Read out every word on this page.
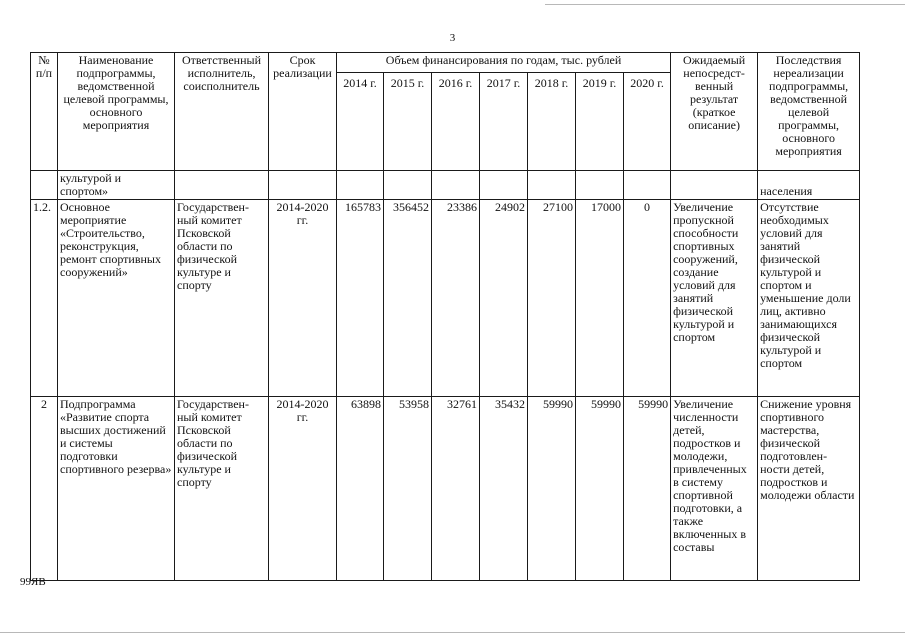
3
№ п/п	Наименование подпрограммы, ведомственной целевой программы, основного мероприятия	Ответственный исполнитель, соисполнитель	Срок реализации	Объем финансирования по годам, тыс. рублей							Ожидаемый непосредст- венный результат (краткое описание)	Последствия нереализации подпрограммы, ведомственной целевой программы, основного мероприятия
				2014 г.	2015 г.	2016 г.	2017 г.	2018 г.	2019 г.	2020 г.		
	культурой и спортом»											населения
1.2.	Основное мероприятие «Строительство, реконструкция, ремонт спортивных сооружений»	Государствен- ный комитет Псковской области по физической культуре и спорту	2014-2020 гг.	165783	356452	23386	24902	27100	17000	0	Увеличение пропускной способности спортивных сооружений, создание условий для занятий физической культурой и спортом	Отсутствие необходимых условий для занятий физической культурой и спортом и уменьшение доли лиц, активно занимающихся физической культурой и спортом
2	Подпрограмма «Развитие спорта высших достижений и системы подготовки спортивного резерва»	Государствен- ный комитет Псковской области по физической культуре и спорту	2014-2020 гг.	63898	53958	32761	35432	59990	59990	59990	Увеличение численности детей, подростков и молодежи, привлеченных в систему спортивной подготовки, а также включенных в составы	Снижение уровня спортивного мастерства, физической подготовлен- ности детей, подростков и молодежи области
99ЯВ
